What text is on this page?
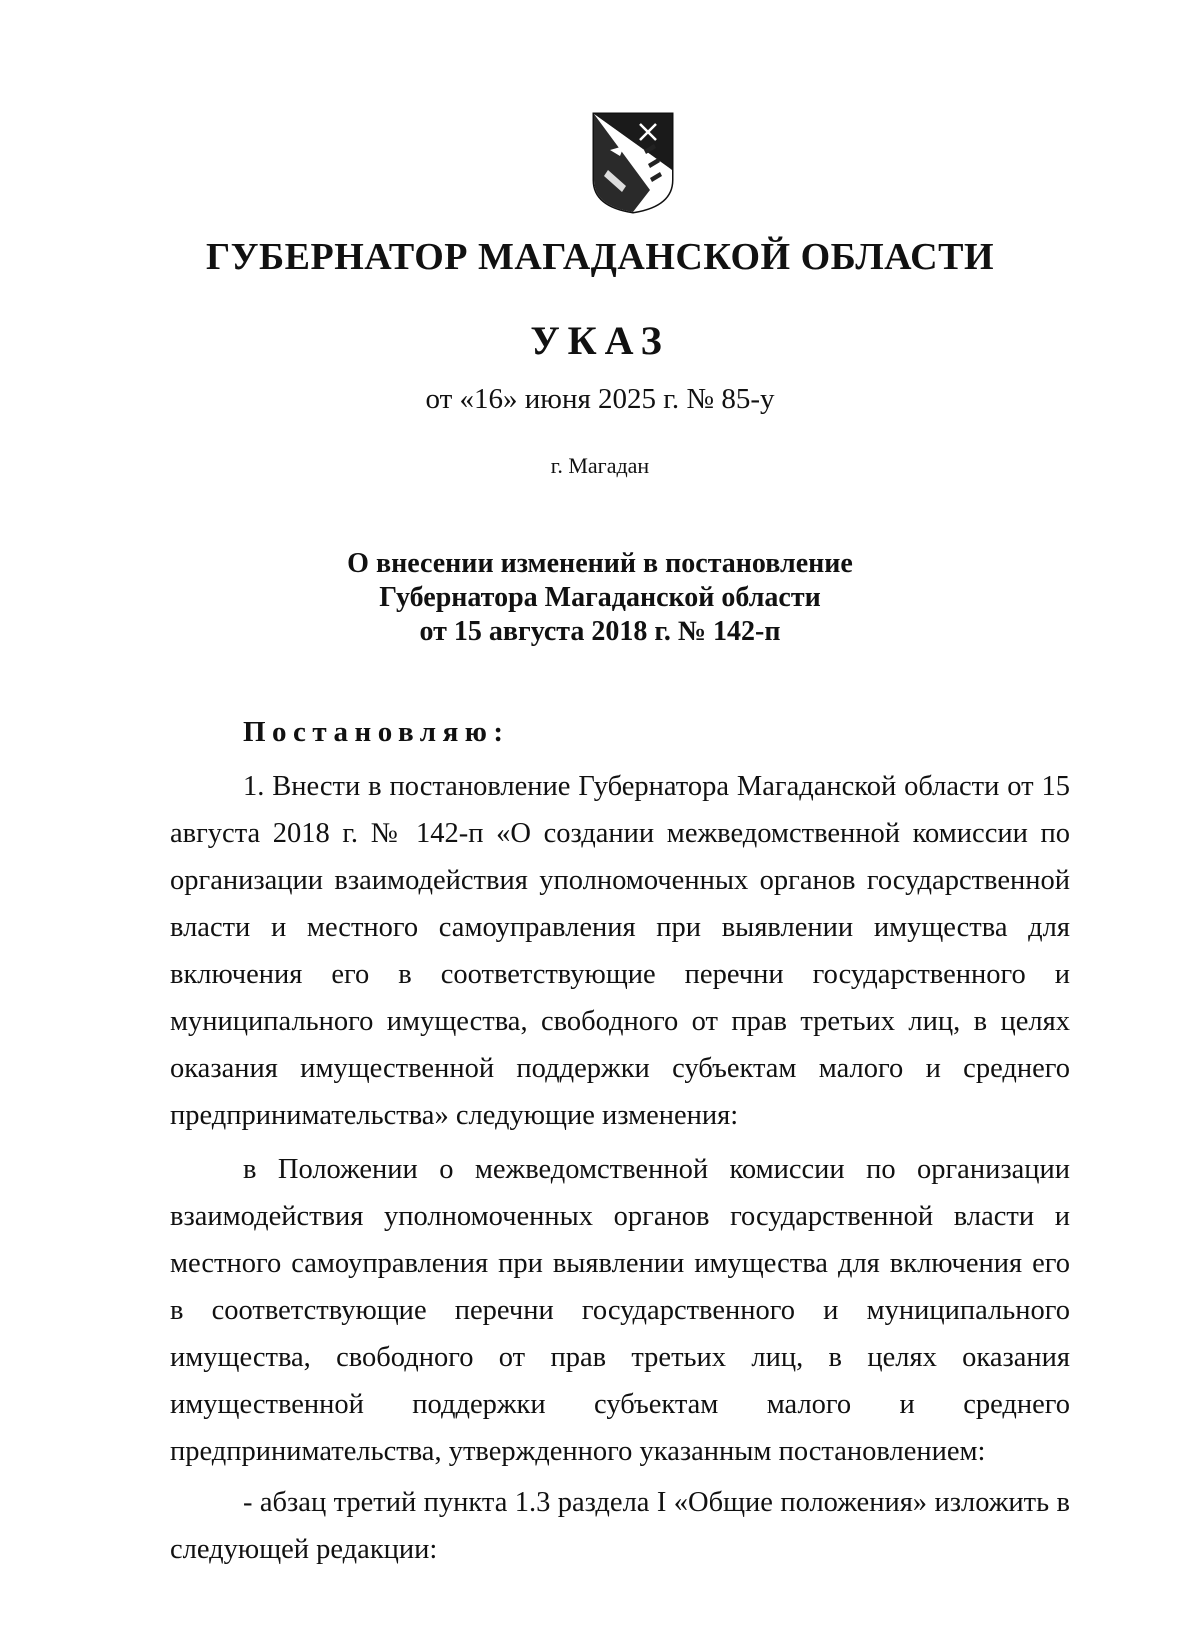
ГУБЕРНАТОР МАГАДАНСКОЙ ОБЛАСТИ
УКАЗ
от «16» июня 2025 г. № 85-у
г. Магадан
О внесении изменений в постановление
Губернатора Магаданской области
от 15 августа 2018 г. № 142-п
Постановляю:

1. Внести в постановление Губернатора Магаданской области от 15 августа 2018 г. № 142-п «О создании межведомственной комиссии по организации взаимодействия уполномоченных органов государственной власти и местного самоуправления при выявлении имущества для включения его в соответствующие перечни государственного и муниципального имущества, свободного от прав третьих лиц, в целях оказания имущественной поддержки субъектам малого и среднего предпринимательства» следующие изменения:

в Положении о межведомственной комиссии по организации взаимодействия уполномоченных органов государственной власти и местного самоуправления при выявлении имущества для включения его в соответствующие перечни государственного и муниципального имущества, свободного от прав третьих лиц, в целях оказания имущественной поддержки субъектам малого и среднего предпринимательства, утвержденного указанным постановлением:

- абзац третий пункта 1.3 раздела I «Общие положения» изложить в следующей редакции:
